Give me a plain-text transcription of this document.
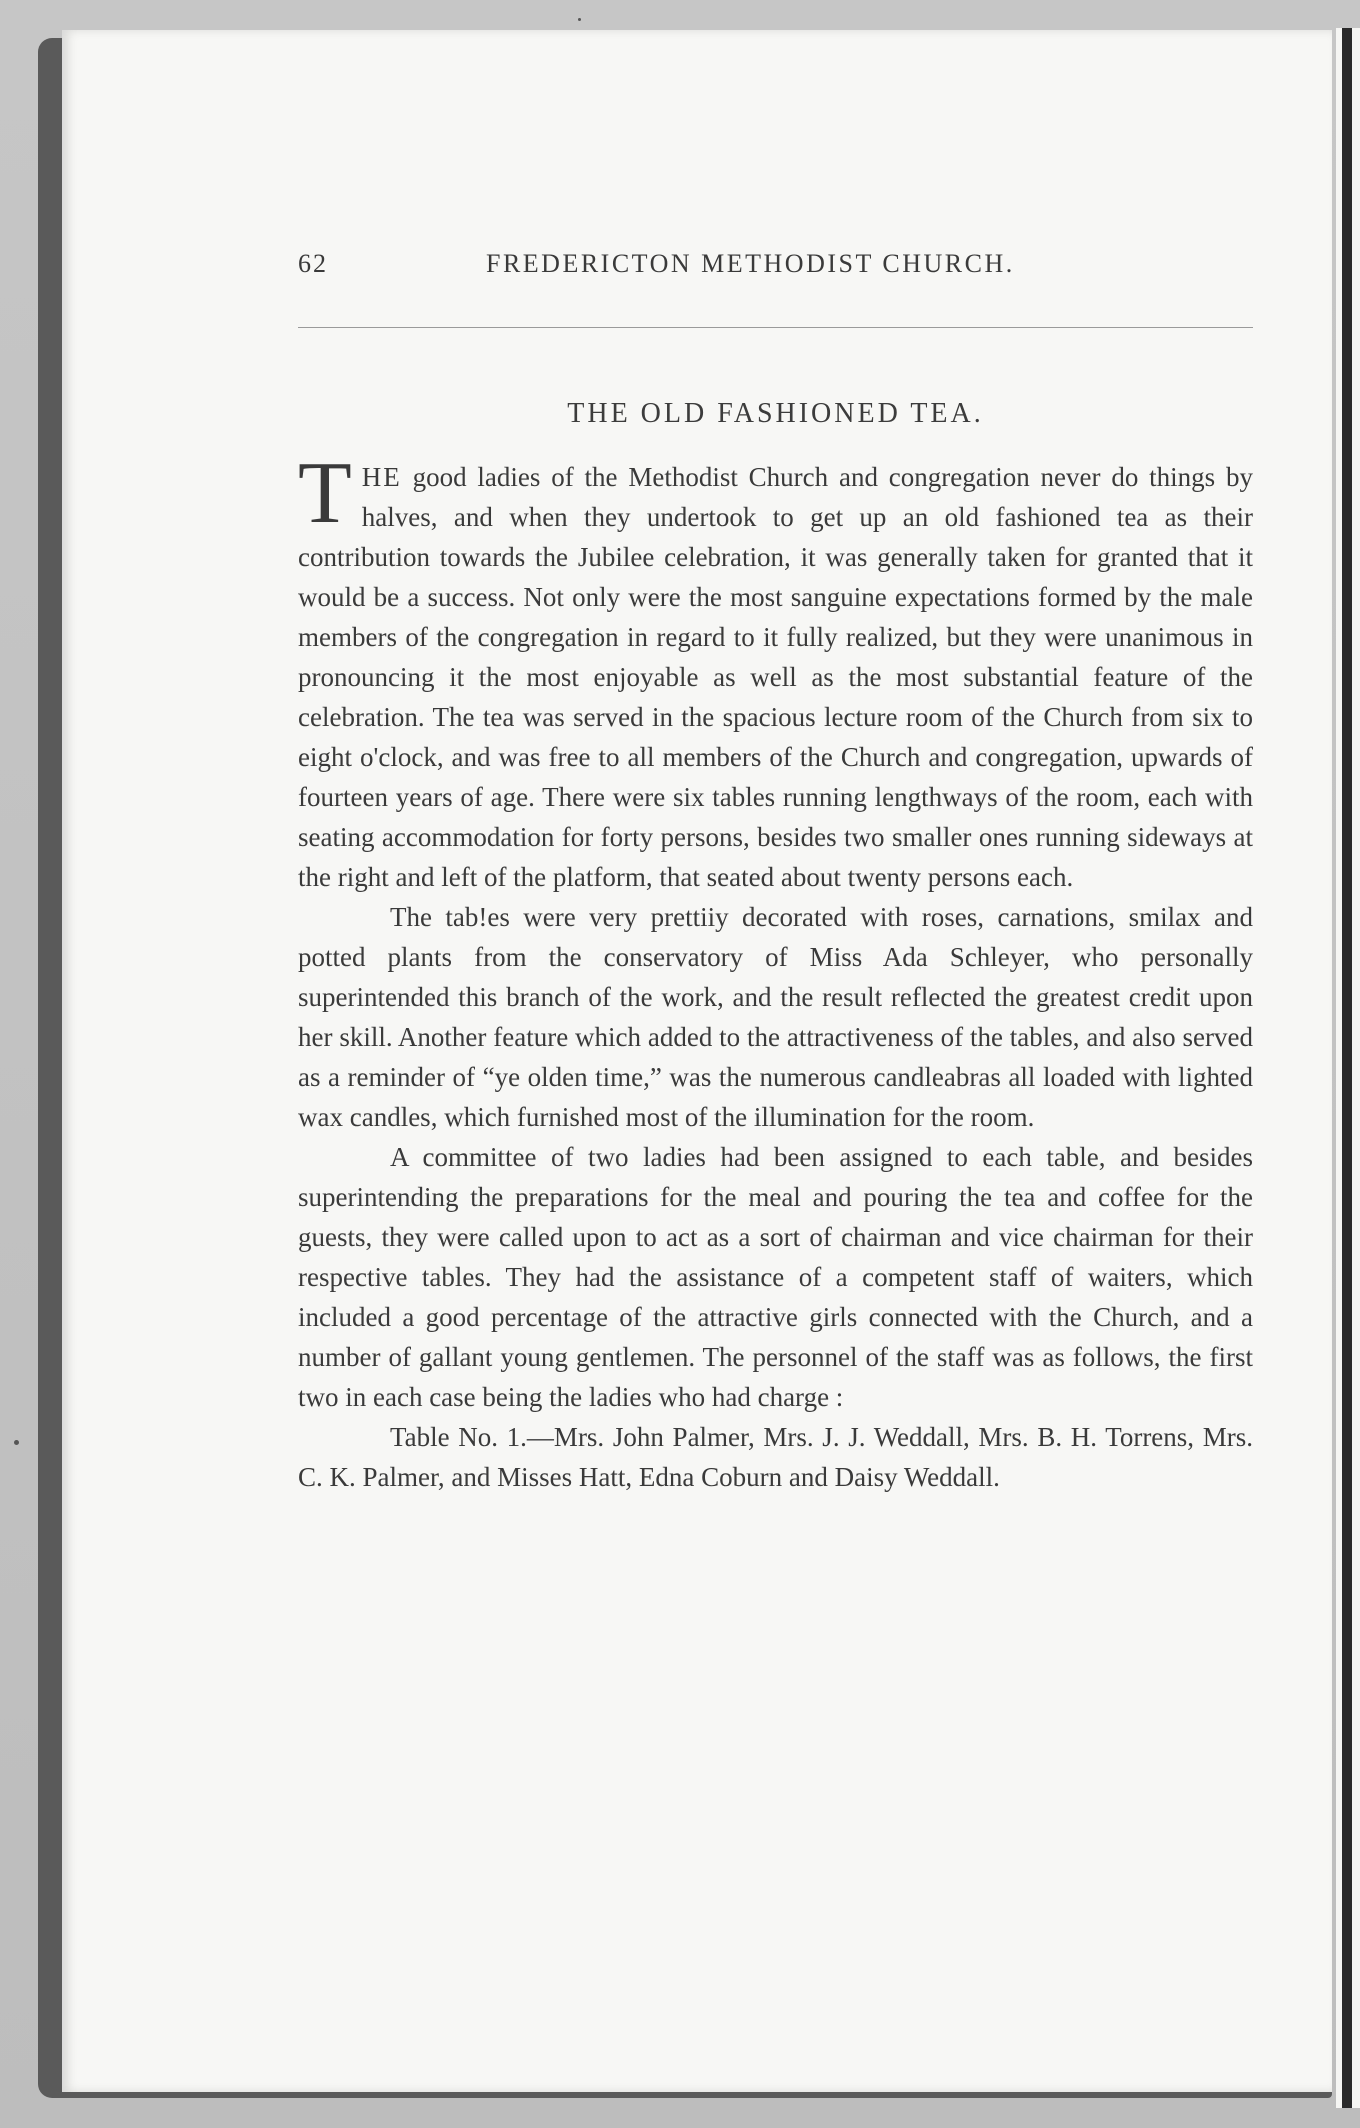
62	FREDERICTON METHODIST CHURCH.
THE OLD FASHIONED TEA.

THE good ladies of the Methodist Church and congregation never do things by halves, and when they undertook to get up an old fashioned tea as their contribution towards the Jubilee celebration, it was generally taken for granted that it would be a success. Not only were the most sanguine expectations formed by the male members of the congregation in regard to it fully realized, but they were unanimous in pronouncing it the most enjoyable as well as the most substantial feature of the celebration. The tea was served in the spacious lecture room of the Church from six to eight o'clock, and was free to all members of the Church and congregation, upwards of fourteen years of age. There were six tables running lengthways of the room, each with seating accommodation for forty persons, besides two smaller ones running sideways at the right and left of the platform, that seated about twenty persons each.

The tab!es were very prettiiy decorated with roses, carnations, smilax and potted plants from the conservatory of Miss Ada Schleyer, who personally superintended this branch of the work, and the result reflected the greatest credit upon her skill. Another feature which added to the attractiveness of the tables, and also served as a reminder of “ye olden time,” was the numerous candleabras all loaded with lighted wax candles, which furnished most of the illumination for the room.

A committee of two ladies had been assigned to each table, and besides superintending the preparations for the meal and pouring the tea and coffee for the guests, they were called upon to act as a sort of chairman and vice chairman for their respective tables. They had the assistance of a competent staff of waiters, which included a good percentage of the attractive girls connected with the Church, and a number of gallant young gentlemen. The personnel of the staff was as follows, the first two in each case being the ladies who had charge :

Table No. 1.—Mrs. John Palmer, Mrs. J. J. Weddall, Mrs. B. H. Torrens, Mrs. C. K. Palmer, and Misses Hatt, Edna Coburn and Daisy Weddall.
